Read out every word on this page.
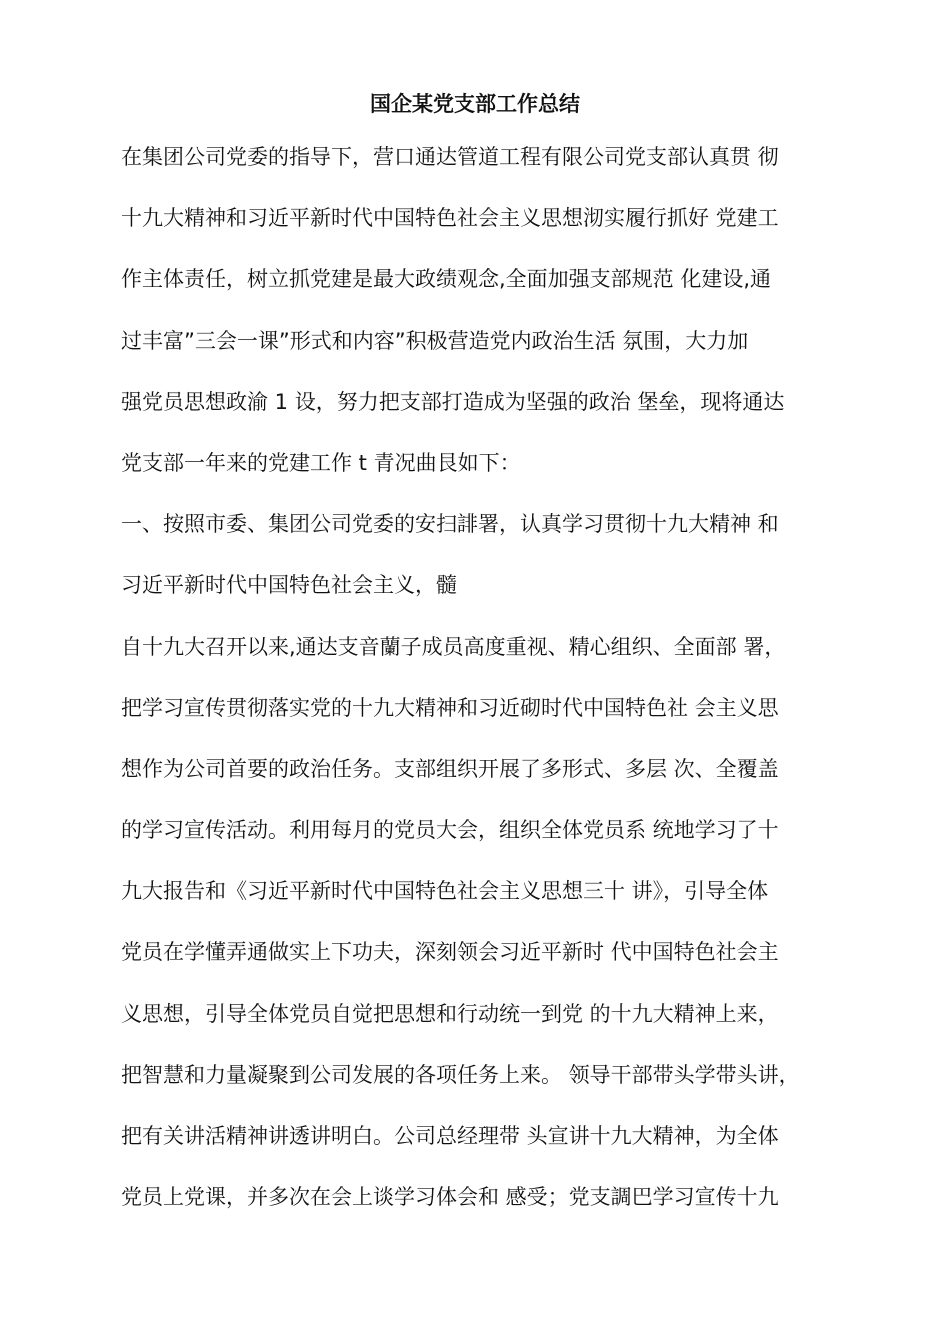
国企某党支部工作总结
在集团公司党委的指导下，营口通达管道工程有限公司党支部认真贯 彻
十九大精神和习近平新时代中国特色社会主义思想沏实履行抓好 党建工
作主体责任，树立抓党建是最大政绩观念,全面加强支部规范 化建设,通
过丰富”三会一课”形式和内容”积极营造党内政治生活 氛围，大力加
强党员思想政渝 1 设，努力把支部打造成为坚强的政治 堡垒，现将通达
党支部一年来的党建工作 t 青况曲艮如下：
一、按照市委、集团公司党委的安扫誹署，认真学习贯彻十九大精神 和
习近平新时代中国特色社会主义，髓
自十九大召开以来,通达支音蘭子成员高度重视、精心组织、全面部 署，
把学习宣传贯彻落实党的十九大精神和习近砌时代中国特色社 会主义思
想作为公司首要的政治任务。支部组织开展了多形式、多层 次、全覆盖
的学习宣传活动。利用每月的党员大会，组织全体党员系 统地学习了十
九大报告和《习近平新时代中国特色社会主义思想三十 讲》，引导全体
党员在学懂弄通做实上下功夫，深刻领会习近平新时 代中国特色社会主
义思想，引导全体党员自觉把思想和行动统一到党 的十九大精神上来，
把智慧和力量凝聚到公司发展的各项任务上来。 领导干部带头学带头讲，
把有关讲活精神讲透讲明白。公司总经理带 头宣讲十九大精神，为全体
党员上党课，并多次在会上谈学习体会和 感受；党支調巴学习宣传十九
